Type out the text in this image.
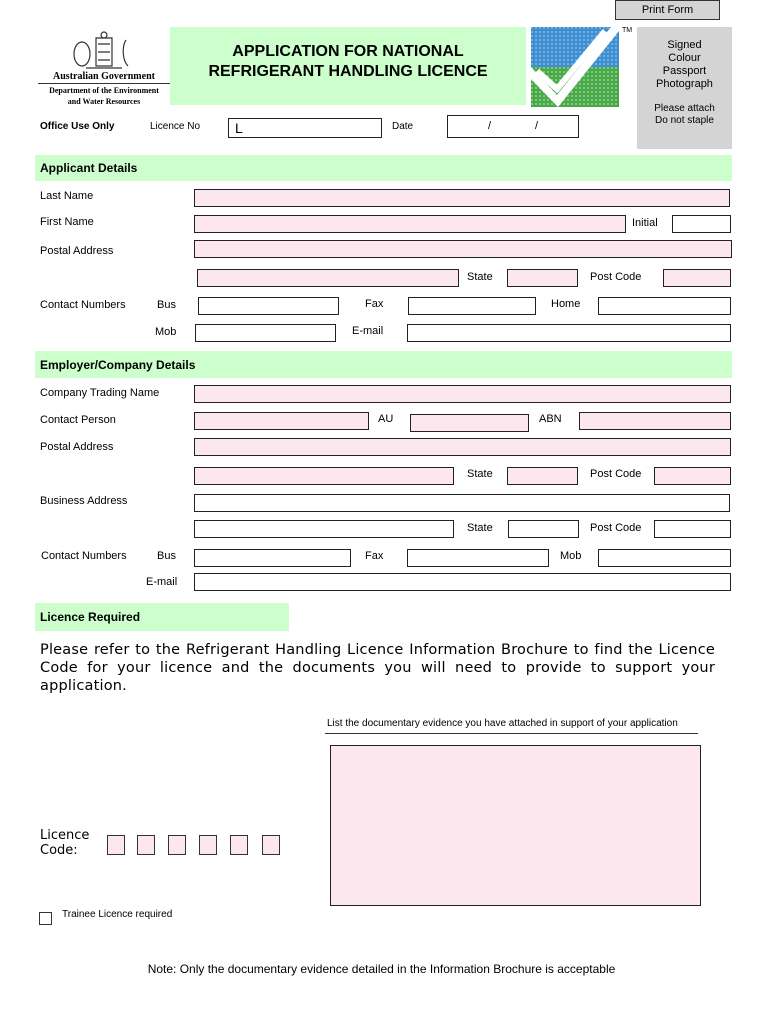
Print Form
Australian Government
Department of the Environment
and Water Resources
APPLICATION FOR NATIONAL
REFRIGERANT HANDLING LICENCE
TM
Signed
Colour
Passport
Photograph
Please attach
Do not staple
Office Use Only	Licence No L	Date	/	/
Applicant Details
Last Name
First Name	Initial
Postal Address
State	Post Code
Contact Numbers	Bus	Fax	Home
Mob	E-mail
Employer/Company Details
Company Trading Name
Contact Person	AU	ABN
Postal Address
State	Post Code
Business Address
State	Post Code
Contact Numbers	Bus	Fax	Mob
E-mail
Licence Required
Please refer to the Refrigerant Handling Licence Information Brochure to find the Licence Code for your licence and the documents you will need to provide to support your application.
List the documentary evidence you have attached in support of your application
Licence
Code:
Trainee Licence required
Note: Only the documentary evidence detailed in the Information Brochure is acceptable
